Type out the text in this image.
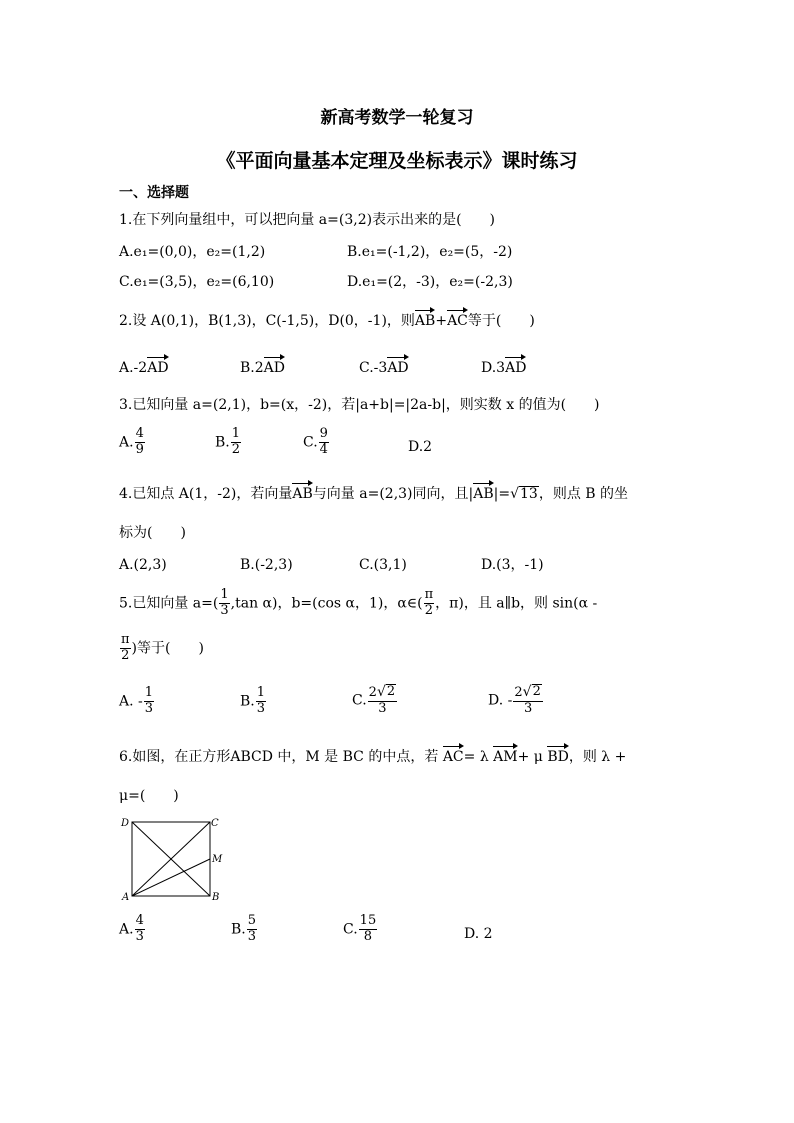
新高考数学一轮复习
《平面向量基本定理及坐标表示》课时练习
一、选择题
1.在下列向量组中，可以把向量 a=(3,2)表示出来的是(　　)
A.e₁=(0,0)，e₂=(1,2)	B.e₁=(-1,2)，e₂=(5，-2)
C.e₁=(3,5)，e₂=(6,10)	D.e₁=(2，-3)，e₂=(-2,3)
2.设 A(0,1)，B(1,3)，C(-1,5)，D(0，-1)，则AB+AC等于(　　)
A.-2AD	B.2AD	C.-3AD	D.3AD
3.已知向量 a=(2,1)，b=(x，-2)，若|a+b|=|2a-b|，则实数 x 的值为(　　)
A. $\frac{4}{9}$	B. $\frac{1}{2}$	C. $\frac{9}{4}$	D.2
4.已知点 A(1，-2)，若向量AB与向量 a=(2,3)同向，且|AB|= √ 13 ，则点 B 的坐
标为(　　)
A.(2,3)	B.(-2,3)	C.(3,1)	D.(3，-1)
5.已知向量 $a=( \frac{1}{3} ,\tan$ α)，b=(cos α，1)，α∈( $\frac{\pi}{2}$ ，π)，且 a∥b，则 sin(α -
$\frac{\pi}{2}$ )等于(　　)
A. - $\frac{1}{3}$	B. $\frac{1}{3}$	C. $\frac{2 √ 2}{3}$	D. - $\frac{2 √ 2}{3}$
6.如图，在正方形ABCD 中，M 是 BC 的中点，若 AC= λ AM+ μ BD，则 λ +
μ=(　　)
D	C
M
A	B
A. $\frac{4}{3}$	B. $\frac{5}{3}$	C. $\frac{15}{8}$	D. 2
